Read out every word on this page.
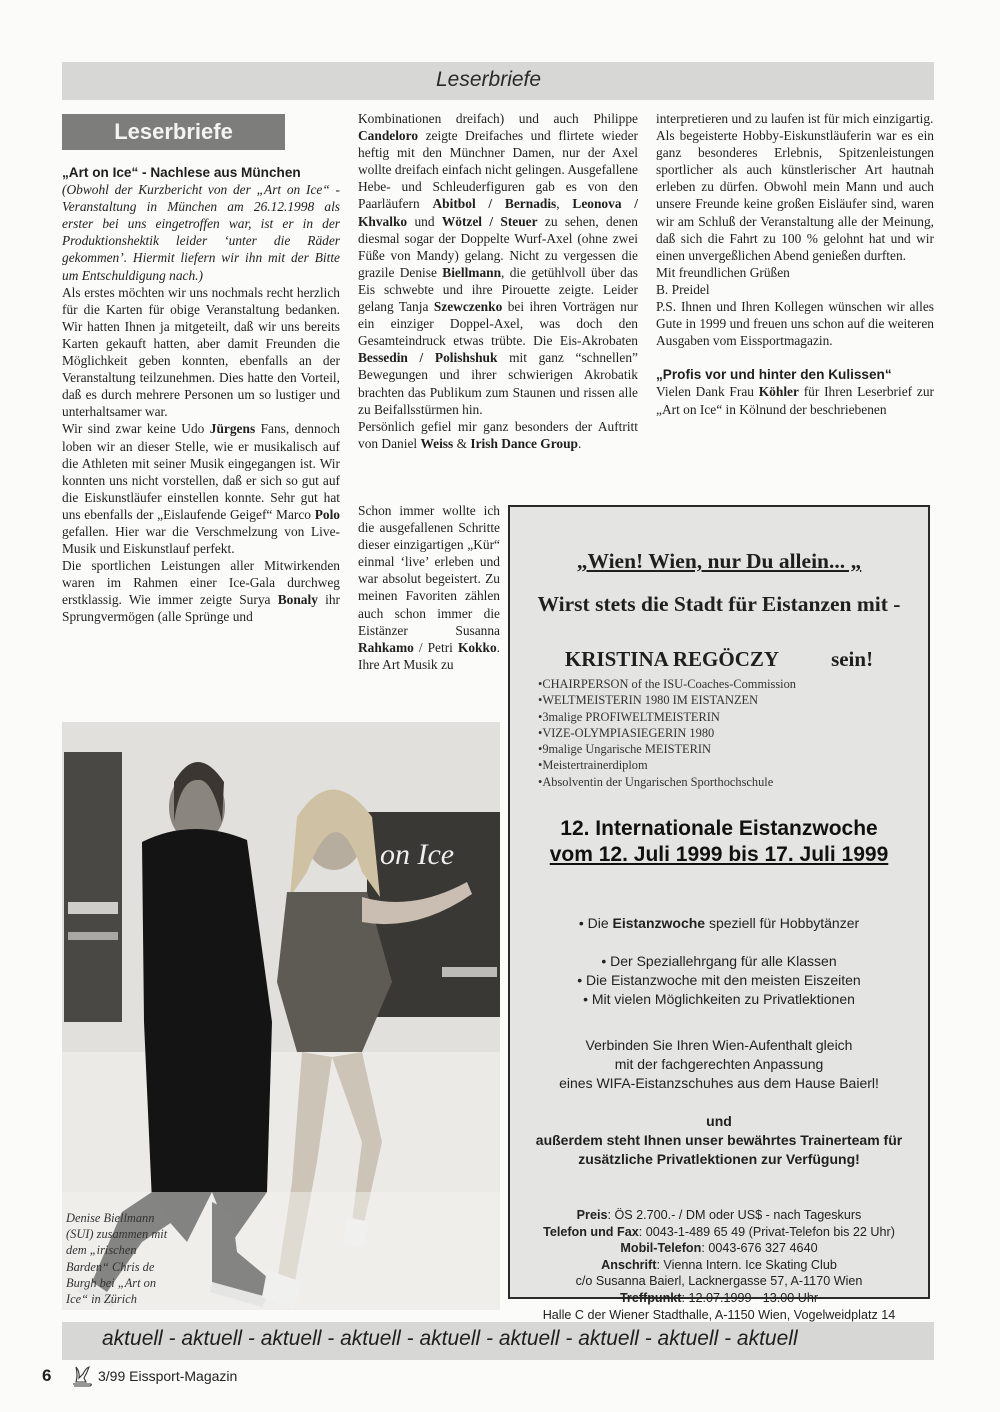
Leserbriefe
Leserbriefe

„Art on Ice“ - Nachlese aus München

(Obwohl der Kurzbericht von der „Art on Ice“ - Veranstaltung in München am 26.12.1998 als erster bei uns eingetroffen war, ist er in der Produktionshektik leider ‘unter die Räder gekommen’. Hiermit liefern wir ihn mit der Bitte um Entschuldigung nach.)

Als erstes möchten wir uns nochmals recht herzlich für die Karten für obige Veranstaltung bedanken. Wir hatten Ihnen ja mitgeteilt, daß wir uns bereits Karten gekauft hatten, aber damit Freunden die Möglichkeit geben konnten, ebenfalls an der Veranstaltung teilzunehmen. Dies hatte den Vorteil, daß es durch mehrere Personen um so lustiger und unterhaltsamer war.

Wir sind zwar keine Udo Jürgens Fans, dennoch loben wir an dieser Stelle, wie er musikalisch auf die Athleten mit seiner Musik eingegangen ist. Wir konnten uns nicht vorstellen, daß er sich so gut auf die Eiskunstläufer einstellen konnte. Sehr gut hat uns ebenfalls der „Eislaufende Geigef“ Marco Polo gefallen. Hier war die Verschmelzung von Live-Musik und Eiskunstlauf perfekt.

Die sportlichen Leistungen aller Mitwirkenden waren im Rahmen einer Ice-Gala durchweg erstklassig. Wie immer zeigte Surya Bonaly ihr Sprungvermögen (alle Sprünge und

Kombinationen dreifach) und auch Philippe Candeloro zeigte Dreifaches und flirtete wieder heftig mit den Münchner Damen, nur der Axel wollte dreifach einfach nicht gelingen. Ausgefallene Hebe- und Schleuderfiguren gab es von den Paarläufern Abitbol / Bernadis, Leonova / Khvalko und Wötzel / Steuer zu sehen, denen diesmal sogar der Doppelte Wurf-Axel (ohne zwei Füße von Mandy) gelang. Nicht zu vergessen die grazile Denise Biellmann, die getühlvoll über das Eis schwebte und ihre Pirouette zeigte. Leider gelang Tanja Szewczenko bei ihren Vorträgen nur ein einziger Doppel-Axel, was doch den Gesamteindruck etwas trübte. Die Eis-Akrobaten Bessedin / Polishshuk mit ganz “schnellen” Bewegungen und ihrer schwierigen Akrobatik brachten das Publikum zum Staunen und rissen alle zu Beifallsstürmen hin.

Persönlich gefiel mir ganz besonders der Auftritt von Daniel Weiss & Irish Dance Group.

Schon immer wollte ich die ausgefallenen Schritte dieser einzigartigen „Kür“ einmal ‘live’ erleben und war absolut begeistert. Zu meinen Favoriten zählen auch schon immer die Eistänzer Susanna Rahkamo / Petri Kokko. Ihre Art Musik zu

interpretieren und zu laufen ist für mich einzigartig.

Als begeisterte Hobby-Eiskunstläuferin war es ein ganz besonderes Erlebnis, Spitzenleistungen sportlicher als auch künstlerischer Art hautnah erleben zu dürfen. Obwohl mein Mann und auch unsere Freunde keine großen Eisläufer sind, waren wir am Schluß der Veranstaltung alle der Meinung, daß sich die Fahrt zu 100 % gelohnt hat und wir einen unvergeßlichen Abend genießen durften.

Mit freundlichen Grüßen

B. Preidel

P.S. Ihnen und Ihren Kollegen wünschen wir alles Gute in 1999 und freuen uns schon auf die weiteren Ausgaben vom Eissportmagazin.

„Profis vor und hinter den Kulissen“

Vielen Dank Frau Köhler für Ihren Leserbrief zur „Art on Ice“ in Kölnund der beschriebenen

on Ice
Denise Biellmann (SUI) zusammen mit dem „irischen Barden“ Chris de Burgh bei „Art on Ice“ in Zürich
„Wien! Wien, nur Du allein... „
Wirst stets die Stadt für Eistanzen mit -
KRISTINA REGÖCZY sein!
• CHAIRPERSON of the ISU-Coaches-Commission
• WELTMEISTERIN 1980 IM EISTANZEN
• 3malige PROFIWELTMEISTERIN
• VIZE-OLYMPIASIEGERIN 1980
• 9malige Ungarische MEISTERIN
• Meistertrainerdiplom
• Absolventin der Ungarischen Sporthochschule
12. Internationale Eistanzwoche
vom 12. Juli 1999 bis 17. Juli 1999
• Die Eistanzwoche speziell für Hobbytänzer
• Der Speziallehrgang für alle Klassen
• Die Eistanzwoche mit den meisten Eiszeiten
• Mit vielen Möglichkeiten zu Privatlektionen
Verbinden Sie Ihren Wien-Aufenthalt gleich
mit der fachgerechten Anpassung
eines WIFA-Eistanzschuhes aus dem Hause Baierl!
und
außerdem steht Ihnen unser bewährtes Trainerteam für
zusätzliche Privatlektionen zur Verfügung!
Preis: ÖS 2.700.- / DM oder US$ - nach Tageskurs
Telefon und Fax: 0043-1-489 65 49 (Privat-Telefon bis 22 Uhr)
Mobil-Telefon: 0043-676 327 4640
Anschrift: Vienna Intern. Ice Skating Club
c/o Susanna Baierl, Lacknergasse 57, A-1170 Wien
Treffpunkt: 12.07.1999 - 13.00 Uhr
Halle C der Wiener Stadthalle, A-1150 Wien, Vogelweidplatz 14
aktuell - aktuell - aktuell - aktuell - aktuell - aktuell - aktuell - aktuell - aktuell
6	3/99 Eissport-Magazin
